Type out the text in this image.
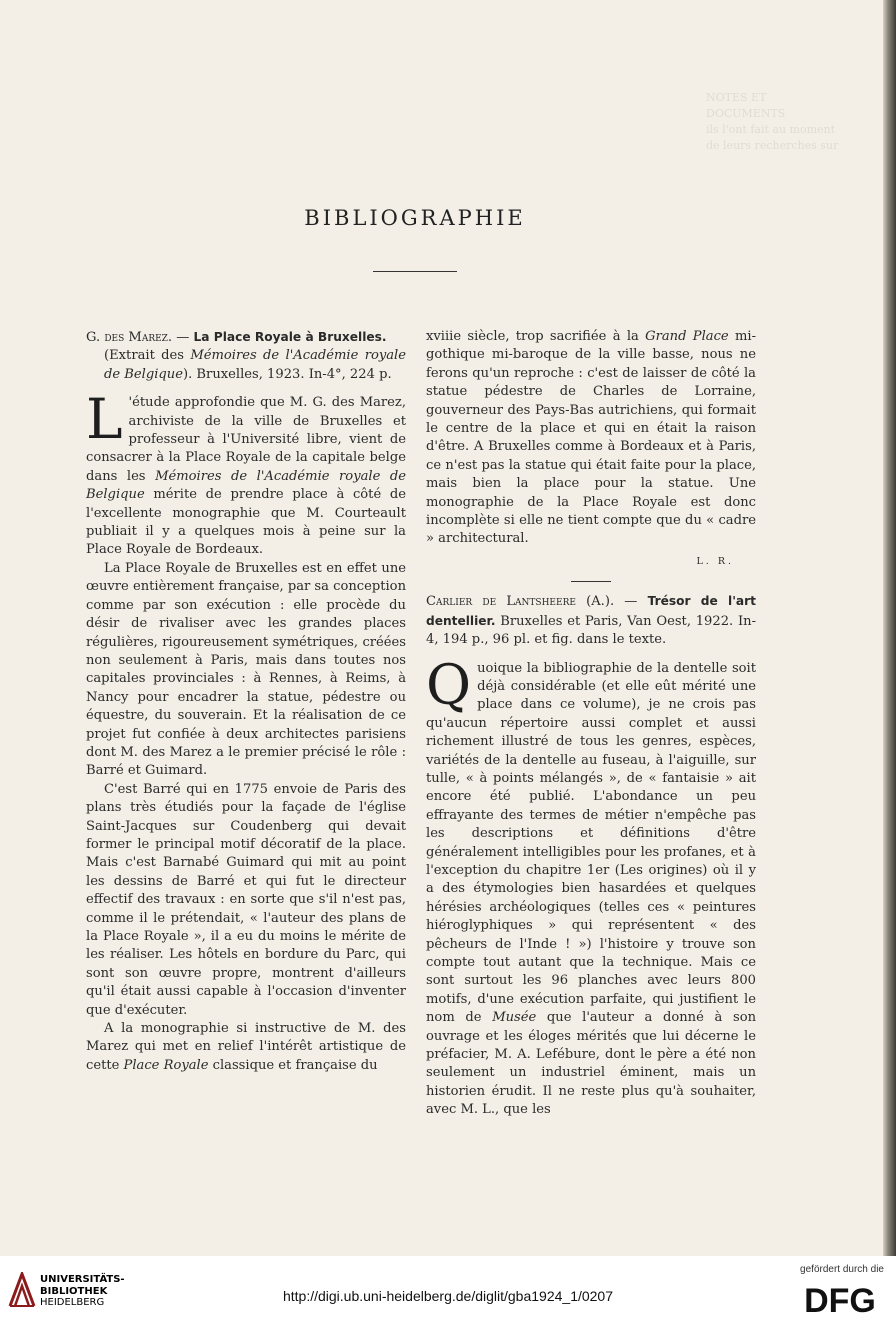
NOTES ET DOCUMENTS
ils l'ont fait au moment
de leurs recherches sur
BIBLIOGRAPHIE
G. des Marez. — La Place Royale à Bruxelles.
(Extrait des Mémoires de l'Académie royale de Belgique). Bruxelles, 1923. In-4°, 224 p.

L 'étude approfondie que M. G. des Marez, archiviste de la ville de Bruxelles et professeur à l'Université libre, vient de consacrer à la Place Royale de la capitale belge dans les Mémoires de l'Académie royale de Belgique mérite de prendre place à côté de l'excellente monographie que M. Courteault publiait il y a quelques mois à peine sur la Place Royale de Bordeaux.

La Place Royale de Bruxelles est en effet une œuvre entièrement française, par sa conception comme par son exécution : elle procède du désir de rivaliser avec les grandes places régulières, rigoureusement symétriques, créées non seulement à Paris, mais dans toutes nos capitales provinciales : à Rennes, à Reims, à Nancy pour encadrer la statue, pédestre ou équestre, du souverain. Et la réalisation de ce projet fut confiée à deux architectes parisiens dont M. des Marez a le premier précisé le rôle : Barré et Guimard.

C'est Barré qui en 1775 envoie de Paris des plans très étudiés pour la façade de l'église Saint-Jacques sur Coudenberg qui devait former le principal motif décoratif de la place. Mais c'est Barnabé Guimard qui mit au point les dessins de Barré et qui fut le directeur effectif des travaux : en sorte que s'il n'est pas, comme il le prétendait, « l'auteur des plans de la Place Royale », il a eu du moins le mérite de les réaliser. Les hôtels en bordure du Parc, qui sont son œuvre propre, montrent d'ailleurs qu'il était aussi capable à l'occasion d'inventer que d'exécuter.

A la monographie si instructive de M. des Marez qui met en relief l'intérêt artistique de cette Place Royale classique et française du

xviiie siècle, trop sacrifiée à la Grand Place mi-gothique mi-baroque de la ville basse, nous ne ferons qu'un reproche : c'est de laisser de côté la statue pédestre de Charles de Lorraine, gouverneur des Pays-Bas autrichiens, qui formait le centre de la place et qui en était la raison d'être. A Bruxelles comme à Bordeaux et à Paris, ce n'est pas la statue qui était faite pour la place, mais bien la place pour la statue. Une monographie de la Place Royale est donc incomplète si elle ne tient compte que du « cadre » architectural.

L. R.
Carlier de Lantsheere (A.). — Trésor de l'art dentellier. Bruxelles et Paris, Van Oest, 1922. In-4, 194 p., 96 pl. et fig. dans le texte.

Quoique la bibliographie de la dentelle soit déjà considérable (et elle eût mérité une place dans ce volume), je ne crois pas qu'aucun répertoire aussi complet et aussi richement illustré de tous les genres, espèces, variétés de la dentelle au fuseau, à l'aiguille, sur tulle, « à points mélangés », de « fantaisie » ait encore été publié. L'abondance un peu effrayante des termes de métier n'empêche pas les descriptions et définitions d'être généralement intelligibles pour les profanes, et à l'exception du chapitre 1er (Les origines) où il y a des étymologies bien hasardées et quelques hérésies archéologiques (telles ces « peintures hiéroglyphiques » qui représentent « des pêcheurs de l'Inde ! ») l'histoire y trouve son compte tout autant que la technique. Mais ce sont surtout les 96 planches avec leurs 800 motifs, d'une exécution parfaite, qui justifient le nom de Musée que l'auteur a donné à son ouvrage et les éloges mérités que lui décerne le préfacier, M. A. Lefébure, dont le père a été non seulement un industriel éminent, mais un historien érudit. Il ne reste plus qu'à souhaiter, avec M. L., que les

UNIVERSITÄTS-
BIBLIOTHEK
HEIDELBERG	http://digi.ub.uni-heidelberg.de/diglit/gba1924_1/0207
gefördert durch die
DFG
